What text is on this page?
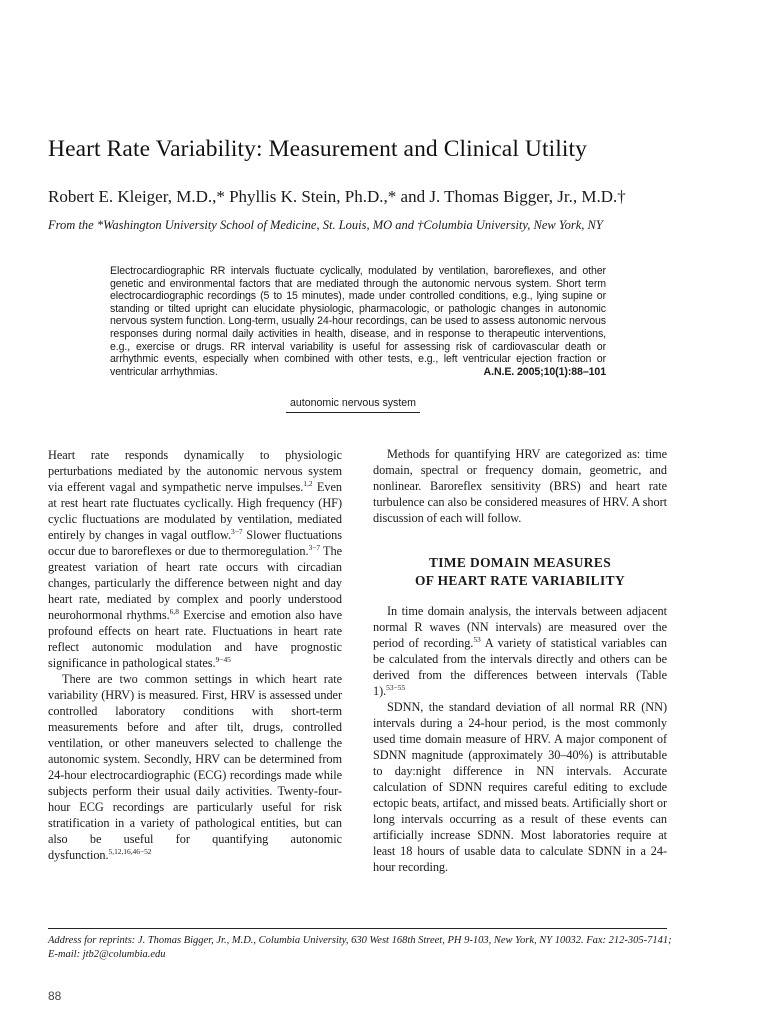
Heart Rate Variability: Measurement and Clinical Utility

Robert E. Kleiger, M.D.,* Phyllis K. Stein, Ph.D.,* and J. Thomas Bigger, Jr., M.D.†

From the *Washington University School of Medicine, St. Louis, MO and †Columbia University, New York, NY

Electrocardiographic RR intervals fluctuate cyclically, modulated by ventilation, baroreflexes, and other genetic and environmental factors that are mediated through the autonomic nervous system. Short term electrocardiographic recordings (5 to 15 minutes), made under controlled conditions, e.g., lying supine or standing or tilted upright can elucidate physiologic, pharmacologic, or pathologic changes in autonomic nervous system function. Long-term, usually 24-hour recordings, can be used to assess autonomic nervous responses during normal daily activities in health, disease, and in response to therapeutic interventions, e.g., exercise or drugs. RR interval variability is useful for assessing risk of cardiovascular death or arrhythmic events, especially when combined with other tests, e.g., left ventricular ejection fraction or ventricular arrhythmias.	A.N.E. 2005;10(1):88–101
autonomic nervous system

Heart rate responds dynamically to physiologic perturbations mediated by the autonomic nervous system via efferent vagal and sympathetic nerve impulses.$^{1,2}$ Even at rest heart rate fluctuates cyclically. High frequency (HF) cyclic fluctuations are modulated by ventilation, mediated entirely by changes in vagal outflow.$^{3-7}$ Slower fluctuations occur due to baroreflexes or due to thermoregulation.$^{3-7}$ The greatest variation of heart rate occurs with circadian changes, particularly the difference between night and day heart rate, mediated by complex and poorly understood neurohormonal rhythms.$^{6,8}$ Exercise and emotion also have profound effects on heart rate. Fluctuations in heart rate reflect autonomic modulation and have prognostic significance in pathological states.$^{9-45}$

There are two common settings in which heart rate variability (HRV) is measured. First, HRV is assessed under controlled laboratory conditions with short-term measurements before and after tilt, drugs, controlled ventilation, or other maneuvers selected to challenge the autonomic system. Secondly, HRV can be determined from 24-hour electrocardiographic (ECG) recordings made while subjects perform their usual daily activities. Twenty-four-hour ECG recordings are particularly useful for risk stratification in a variety of pathological entities, but can also be useful for quantifying autonomic dysfunction.$^{5,12,16,46-52}$

Methods for quantifying HRV are categorized as: time domain, spectral or frequency domain, geometric, and nonlinear. Baroreflex sensitivity (BRS) and heart rate turbulence can also be considered measures of HRV. A short discussion of each will follow.

TIME DOMAIN MEASURES
OF HEART RATE VARIABILITY

In time domain analysis, the intervals between adjacent normal R waves (NN intervals) are measured over the period of recording.$^{53}$ A variety of statistical variables can be calculated from the intervals directly and others can be derived from the differences between intervals (Table 1).$^{53-55}$

SDNN, the standard deviation of all normal RR (NN) intervals during a 24-hour period, is the most commonly used time domain measure of HRV. A major component of SDNN magnitude (approximately 30–40%) is attributable to day:night difference in NN intervals. Accurate calculation of SDNN requires careful editing to exclude ectopic beats, artifact, and missed beats. Artificially short or long intervals occurring as a result of these events can artificially increase SDNN. Most laboratories require at least 18 hours of usable data to calculate SDNN in a 24-hour recording.

Address for reprints: J. Thomas Bigger, Jr., M.D., Columbia University, 630 West 168th Street, PH 9-103, New York, NY 10032. Fax: 212-305-7141; E-mail: jtb2@columbia.edu

88
